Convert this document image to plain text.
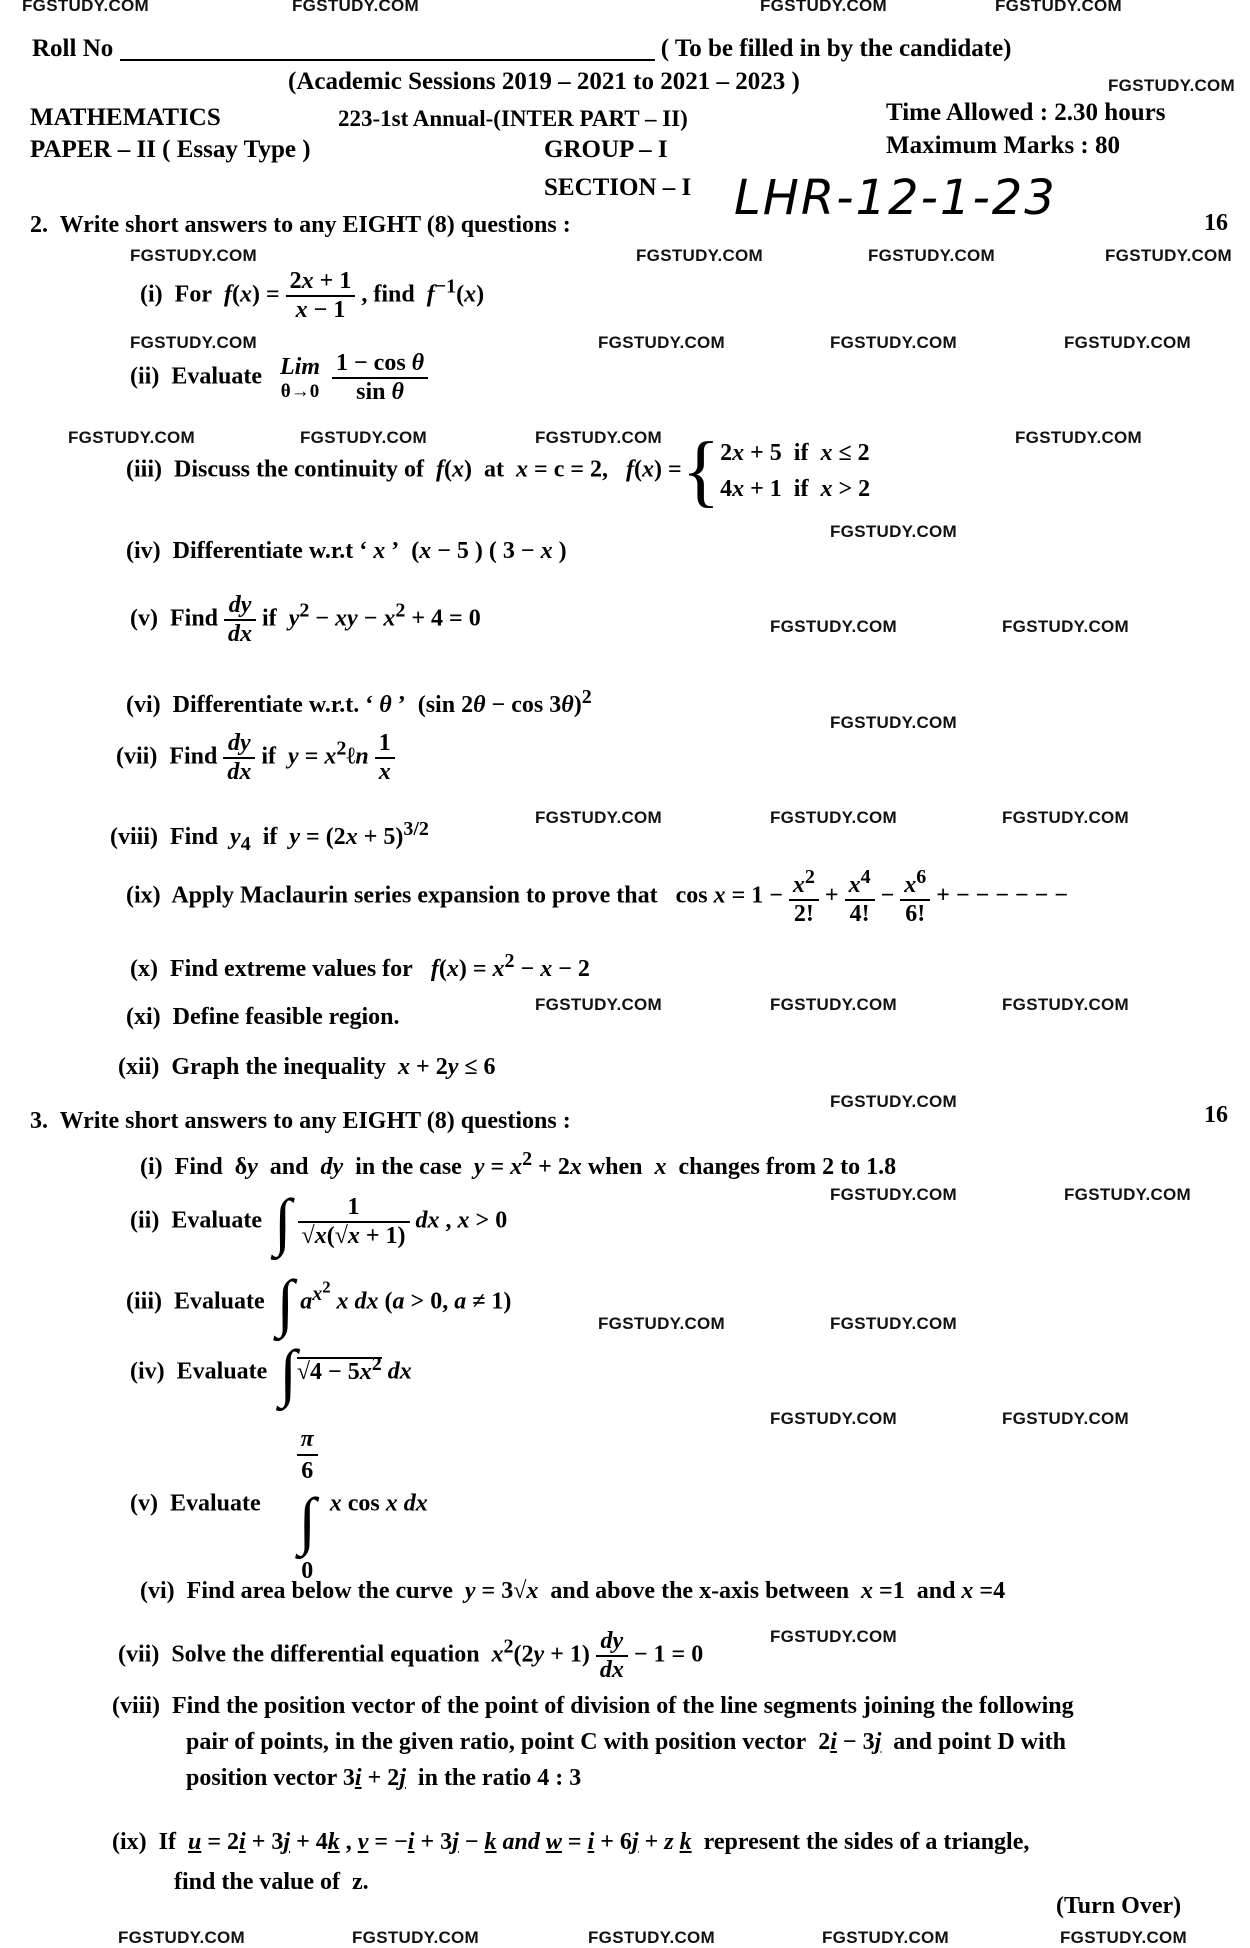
FGSTUDY.COM	FGSTUDY.COM	FGSTUDY.COM	FGSTUDY.COM
FGSTUDY.COM
FGSTUDY.COM	FGSTUDY.COM	FGSTUDY.COM	FGSTUDY.COM
FGSTUDY.COM	FGSTUDY.COM	FGSTUDY.COM	FGSTUDY.COM
FGSTUDY.COM	FGSTUDY.COM	FGSTUDY.COM	FGSTUDY.COM
FGSTUDY.COM
FGSTUDY.COM	FGSTUDY.COM
FGSTUDY.COM
FGSTUDY.COM	FGSTUDY.COM	FGSTUDY.COM
FGSTUDY.COM	FGSTUDY.COM	FGSTUDY.COM
FGSTUDY.COM
FGSTUDY.COM	FGSTUDY.COM
FGSTUDY.COM	FGSTUDY.COM
FGSTUDY.COM	FGSTUDY.COM
FGSTUDY.COM
FGSTUDY.COM	FGSTUDY.COM	FGSTUDY.COM	FGSTUDY.COM	FGSTUDY.COM
Roll No	( To be filled in by the candidate)
(Academic Sessions 2019 – 2021 to 2021 – 2023 )
MATHEMATICS	223-1st Annual-(INTER PART – II)	Time Allowed : 2.30 hours
PAPER – II ( Essay Type )	GROUP – I	Maximum Marks : 80
SECTION – I LHR-12-1-23
2. Write short answers to any EIGHT (8) questions :	16
(i)  For  $f(x) = \frac{2x + 1}{x - 1}$ , find  $f^{-1}(x)$
(ii)  Evaluate Lim
$\theta\to 0 \frac{\text{1 − cos θ}}{\text{sin θ}}$
(iii)  Discuss the continuity of  f(x)  at  x = c = 2,   f(x) ={ 2x + 5  if  x ≤ 2
4x + 1  if  x > 2
(iv)  Differentiate w.r.t ‘ x ’  (x − 5 ) ( 3 − x )
(v)  Find $\frac{dy}{dx}$ if  $y^2$ − xy − $x^2 + 4 = 0$
(vi)  Differentiate w.r.t. ‘ θ ’  (sin 2θ − cos 3θ)$^2$
(vii)  Find $\frac{dy}{dx}$ if  $y = x^2\ell n \frac{1}{x}$
(viii)  Find  $y_4$  if  $y = (2x + 5)^{3/2}$
(ix)  Apply Maclaurin series expansion to prove that   $\cos x = 1 - \frac{x^2}{2!} + \frac{x^4}{4!} - \frac{x^6}{6!}$ + − − − − − −
(x)  Find extreme values for   $f(x) = x^2 - x - 2$
(xi) Define feasible region.
(xii)  Graph the inequality  x + 2y ≤ 6
3. Write short answers to any EIGHT (8) questions :	16
(i)  Find  δy  and  dy  in the case  $y = x^2 + 2x$ when  x  changes from 2 to 1.8
(ii)  Evaluate  ∫ $\frac{1}{√x(√x + 1)}$ dx , x > 0
(iii)  Evaluate  ∫ $a^{x^2}$ x dx (a > 0, a ≠ 1)
(iv)  Evaluate  $\int√4 - 5x^2$ dx
(v)  Evaluate
$\frac{\pi}{6}$
∫
0
x cos x dx
(vi)  Find area below the curve  y = 3√x  and above the x-axis between  x =1  and x =4
(vii)  Solve the differential equation  $x^2(2y + 1) \frac{dy}{dx} - 1 = 0$
(viii)  Find the position vector of the point of division of the line segments joining the following
pair of points, in the given ratio, point C with position vector  2i − 3j  and point D with
position vector 3i + 2j  in the ratio 4 : 3
(ix)  If  u = 2i + 3j + 4k , v = −i + 3j − k and w = i + 6j + z k  represent the sides of a triangle,
find the value of  z.
(Turn Over)
